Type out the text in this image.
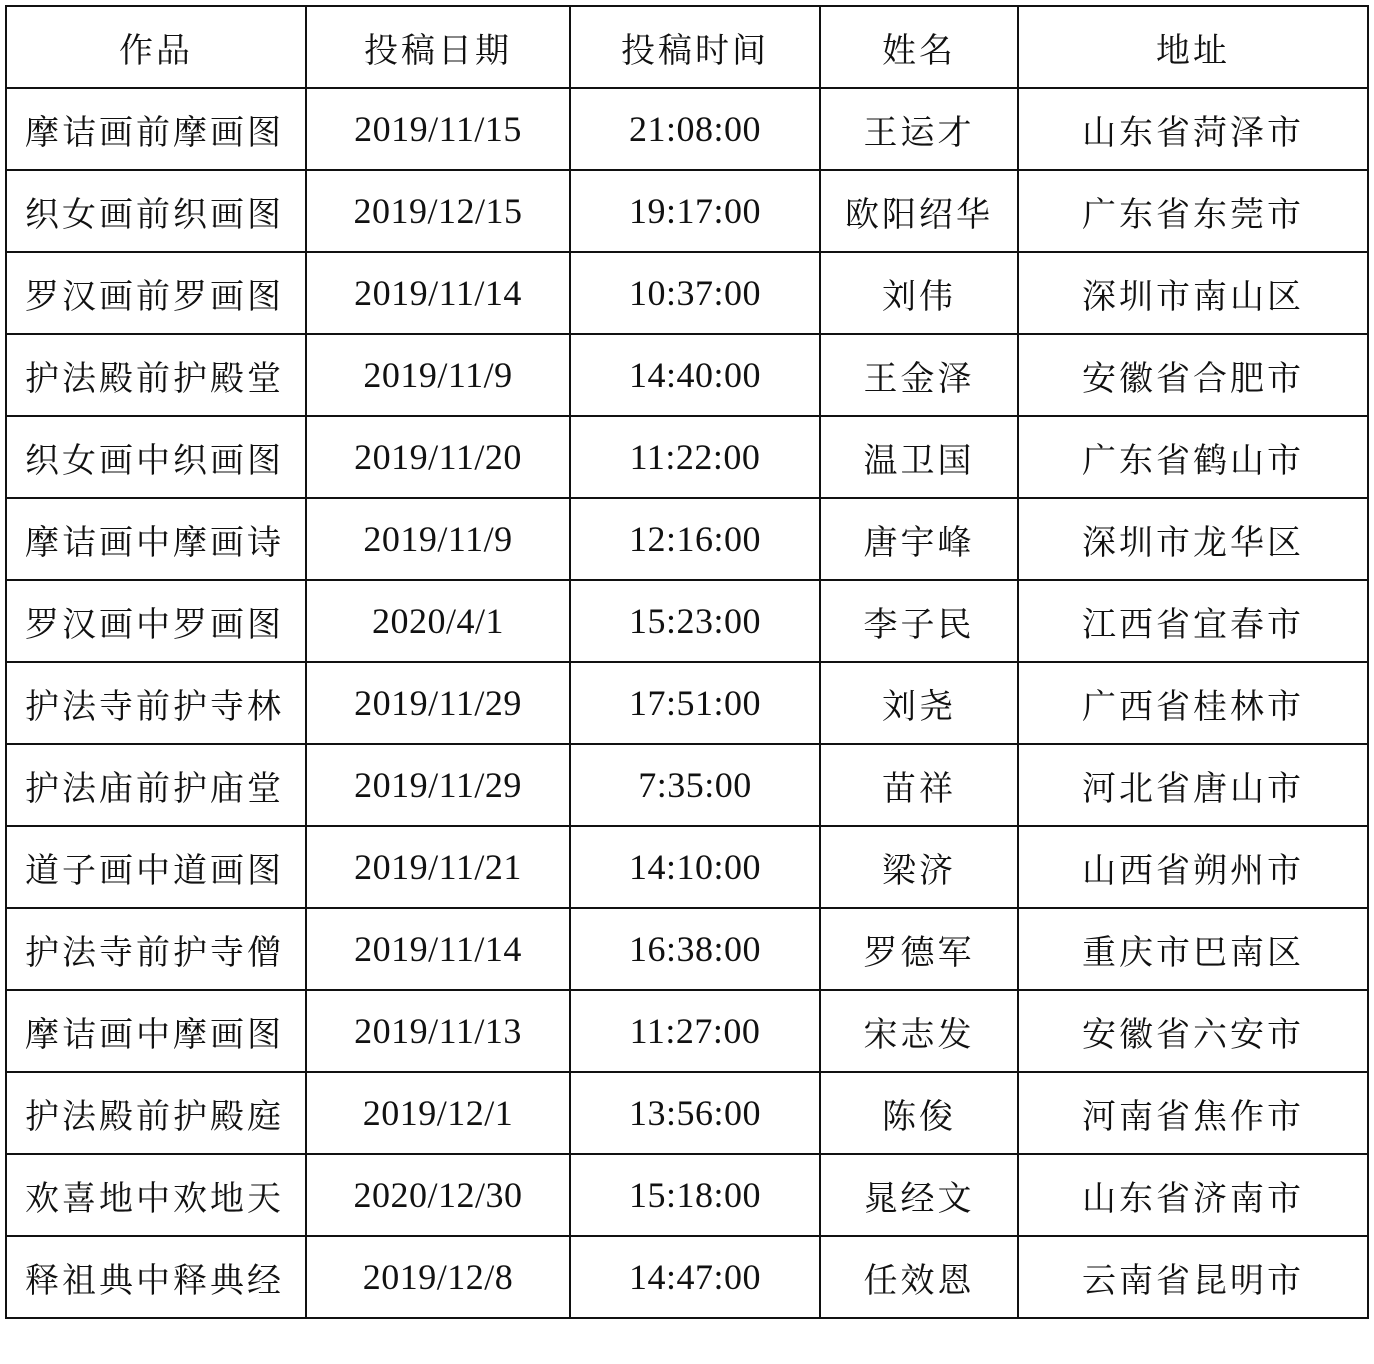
作品	投稿日期	投稿时间	姓名	地址
摩诘画前摩画图	2019/11/15	21:08:00	王运才	山东省菏泽市
织女画前织画图	2019/12/15	19:17:00	欧阳绍华	广东省东莞市
罗汉画前罗画图	2019/11/14	10:37:00	刘伟	深圳市南山区
护法殿前护殿堂	2019/11/9	14:40:00	王金泽	安徽省合肥市
织女画中织画图	2019/11/20	11:22:00	温卫国	广东省鹤山市
摩诘画中摩画诗	2019/11/9	12:16:00	唐宇峰	深圳市龙华区
罗汉画中罗画图	2020/4/1	15:23:00	李子民	江西省宜春市
护法寺前护寺林	2019/11/29	17:51:00	刘尧	广西省桂林市
护法庙前护庙堂	2019/11/29	7:35:00	苗祥	河北省唐山市
道子画中道画图	2019/11/21	14:10:00	梁济	山西省朔州市
护法寺前护寺僧	2019/11/14	16:38:00	罗德军	重庆市巴南区
摩诘画中摩画图	2019/11/13	11:27:00	宋志发	安徽省六安市
护法殿前护殿庭	2019/12/1	13:56:00	陈俊	河南省焦作市
欢喜地中欢地天	2020/12/30	15:18:00	晁经文	山东省济南市
释祖典中释典经	2019/12/8	14:47:00	任效恩	云南省昆明市
